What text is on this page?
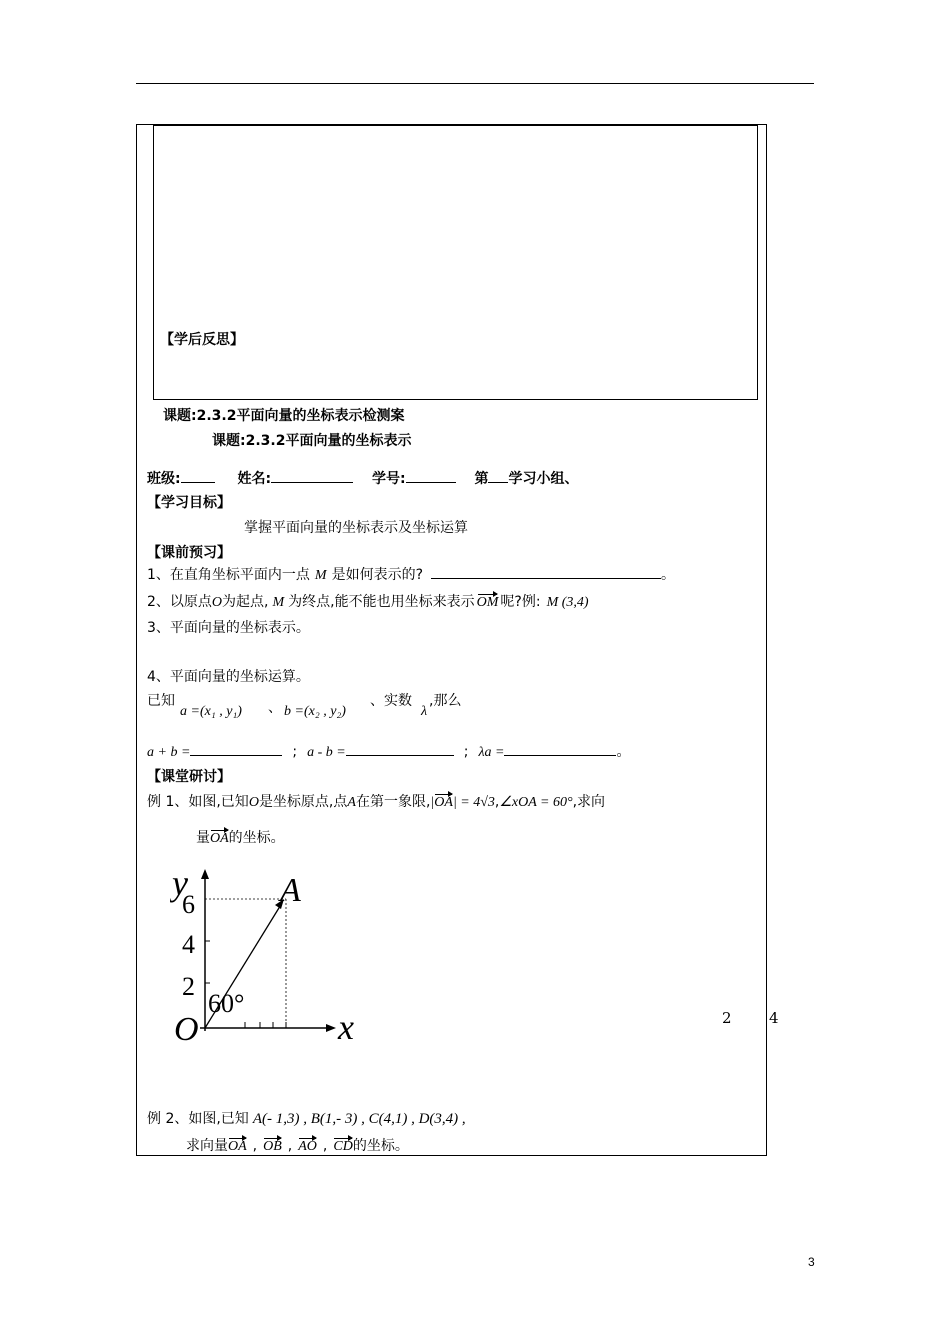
【学后反思】
课题:2.3.2平面向量的坐标表示检测案
课题:2.3.2平面向量的坐标表示
班级:	姓名:	学号:	第 学习小组、
【学习目标】
掌握平面向量的坐标表示及坐标运算
【课前预习】
1、在直角坐标平面内一点 M 是如何表示的?	。
2、以原点O为起点, M 为终点,能不能也用坐标来表示 OM 呢?例: M (3,4)
3、平面向量的坐标表示。
4、平面向量的坐标运算。
已知
a =(x₁ , y₁) 、 b =(x₂ , y₂)
、实数
λ
,那么
a + b =	; a - b =	; λa =	。
【课堂研讨】
例 1、如图,已知O是坐标原点,点A在第一象限,|OA| = 4√3,∠xOA = 60°,求向
量OA的坐标。
y
6
4
2
60°
O
A
x	2 4
例 2、如图,已知 A(- 1,3) , B(1,- 3) , C(4,1) , D(3,4) ,
求向量OA , OB , AO , CD的坐标。
3
